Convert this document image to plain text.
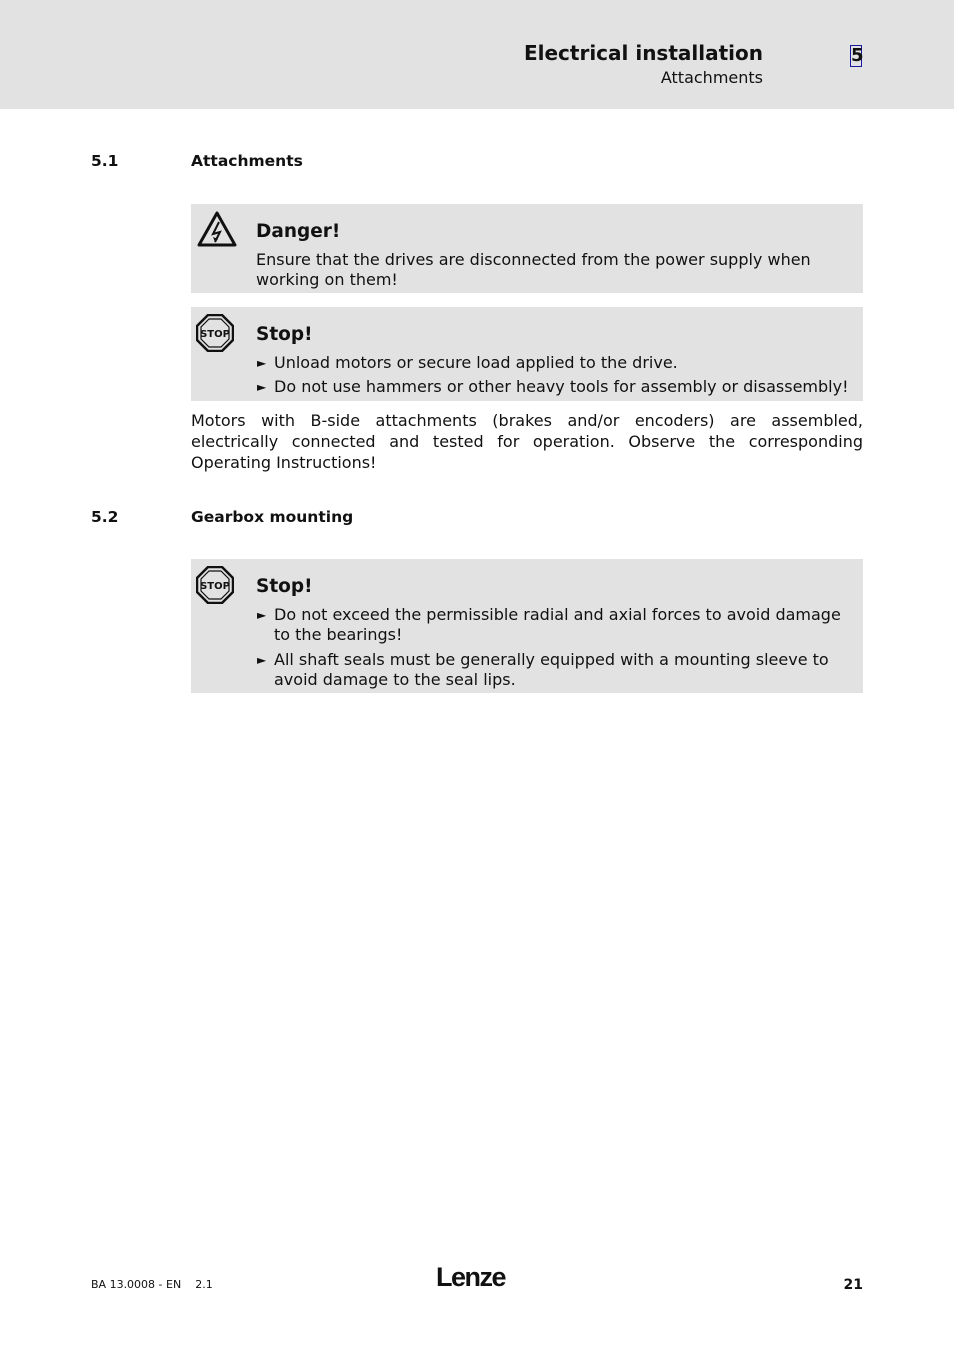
Electrical installation
Attachments
5
5.1	Attachments
Danger!
Ensure that the drives are disconnected from the power supply when working on them!
STOP Stop!
► Unload motors or secure load applied to the drive.
► Do not use hammers or other heavy tools for assembly or disassembly!
Motors with B-side attachments (brakes and/or encoders) are assembled, electrically connected and tested for operation. Observe the corresponding Operating Instructions!
5.2	Gearbox mounting
STOP Stop!
► Do not exceed the permissible radial and axial forces to avoid damage to the bearings!
► All shaft seals must be generally equipped with a mounting sleeve to avoid damage to the seal lips.
BA 13.0008 - EN 2.1	Lenze	21
